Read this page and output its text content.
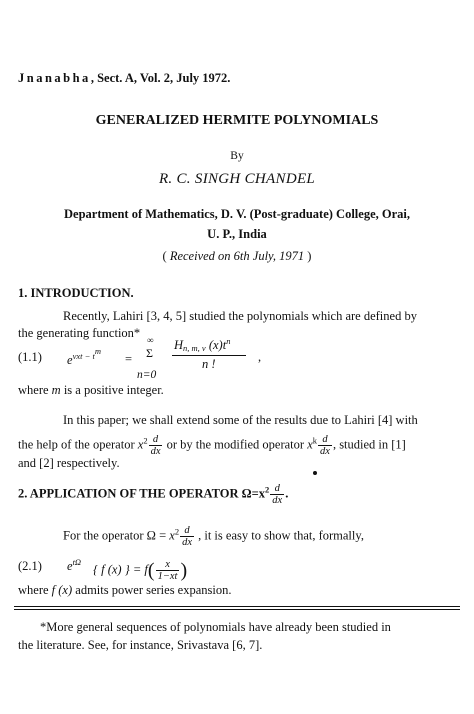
Jnanabha, Sect. A, Vol. 2, July 1972.
GENERALIZED HERMITE POLYNOMIALS
By
R. C. SINGH CHANDEL
Department of Mathematics, D. V. (Post-graduate) College, Orai,
U. P., India
( Received on 6th July, 1971 )
1. INTRODUCTION.
Recently, Lahiri [3, 4, 5] studied the polynomials which are defined by
the generating function*
(1.1) $e^{vxt - t^m}$
=
∞
Σ
n=0
$H_{n, m, v}$ $(x)t^n$
n !	,
where m is a positive integer.
In this paper; we shall extend some of the results due to Lahiri [4] with
the help of the operator $x^2 \frac{d}{dx}$ or by the modified operator $x^k \frac{d}{dx}$ , studied in [1]
and [2] respectively.
2. APPLICATION OF THE OPERATOR $\Omega=x^2 \frac{d}{dx}$ .
For the operator $\Omega = x^2 \frac{d}{dx}$ , it is easy to show that, formally,
(2.1) $e^{t\Omega}$
{ f (x) } = $f( \frac{x}{1-xt}$ )
where f (x) admits power series expansion.
*More general sequences of polynomials have already been studied in
the literature. See, for instance, Srivastava [6, 7].
